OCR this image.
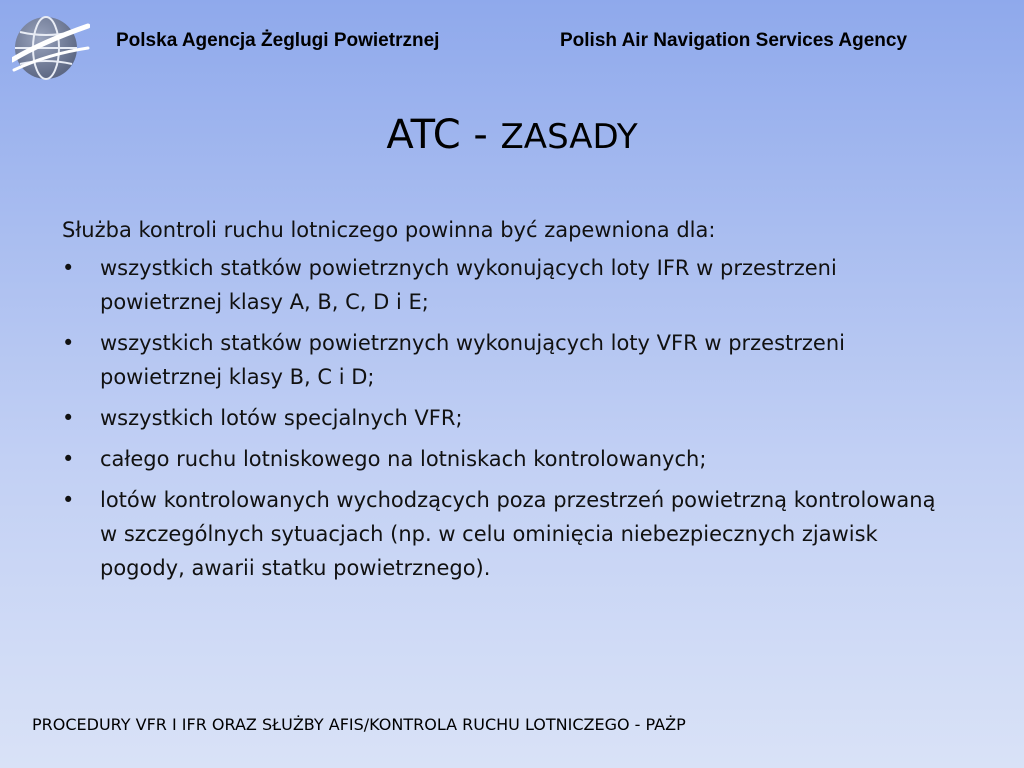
Polska Agencja Żeglugi Powietrznej	Polish Air Navigation Services Agency
ATC - ZASADY

Służba kontroli ruchu lotniczego powinna być zapewniona dla:

• wszystkich statków powietrznych wykonujących loty IFR w przestrzeni powietrznej klasy A, B, C, D i E;
• wszystkich statków powietrznych wykonujących loty VFR w przestrzeni powietrznej klasy B, C i D;
• wszystkich lotów specjalnych VFR;
• całego ruchu lotniskowego na lotniskach kontrolowanych;
• lotów kontrolowanych wychodzących poza przestrzeń powietrzną kontrolowaną w szczególnych sytuacjach (np. w celu ominięcia niebezpiecznych zjawisk pogody, awarii statku powietrznego).
PROCEDURY VFR I IFR ORAZ SŁUŻBY AFIS/KONTROLA RUCHU LOTNICZEGO - PAŻP
